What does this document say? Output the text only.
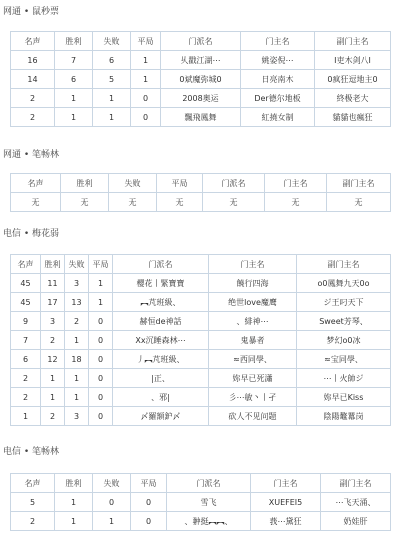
网通 • 鼠秒票
名声	胜利	失败	平局	门派名	门主名	副门主名
16	7	6	1	乆戳江湖⋯	姚姿倪⋯	I吏木剑八I
14	6	5	1	0斌魔弥城0	日亮南木	0疯狂逗地主0
2	1	1	0	2008奥运	Der德尔地板	終极老大
2	1	1	0	飄飛鳳舞	紅撓女制	貓貓也瘋狂
网通 • 笔畅林
名声	胜利	失败	平局	门派名	门主名	副门主名
无	无	无	无	无	无	无
电信 • 梅花弱
名声	胜利	失败	平局	门派名	门主名	副门主名
45	11	3	1	櫻花丨緊寶寶	饒行四海	o0鳳舞九天0o
45	17	13	1	︻芃班級、	绝世love魔鹰	ジ王叼天下
9	3	2	0	赫恒de神話	、緋神⋯	Sweet芳琴、
7	2	1	0	Xx沉睡森林⋯	鬼暴者	梦幻o0冰
6	12	18	0	丿︻芃班級、	≈西同學、	≈宝同學、
2	1	1	0	|正、	妳早已死瀟	⋯丨火帥ジ
2	1	1	0	、邪|	彡⋯敏丶丨孑	妳早已Kiss
1	2	3	0	〆羅額鈩〆	砍人不见问题	陰陽鼇羃岗
电信 • 笔畅林
名声	胜利	失败	平局	门派名	门主名	副门主名
5	1	0	0	雪飞	XUEFEI5	⋯飞天涌、
2	1	1	0	、翀挺︻︻、	莪⋯黛狂	奶娃肝
